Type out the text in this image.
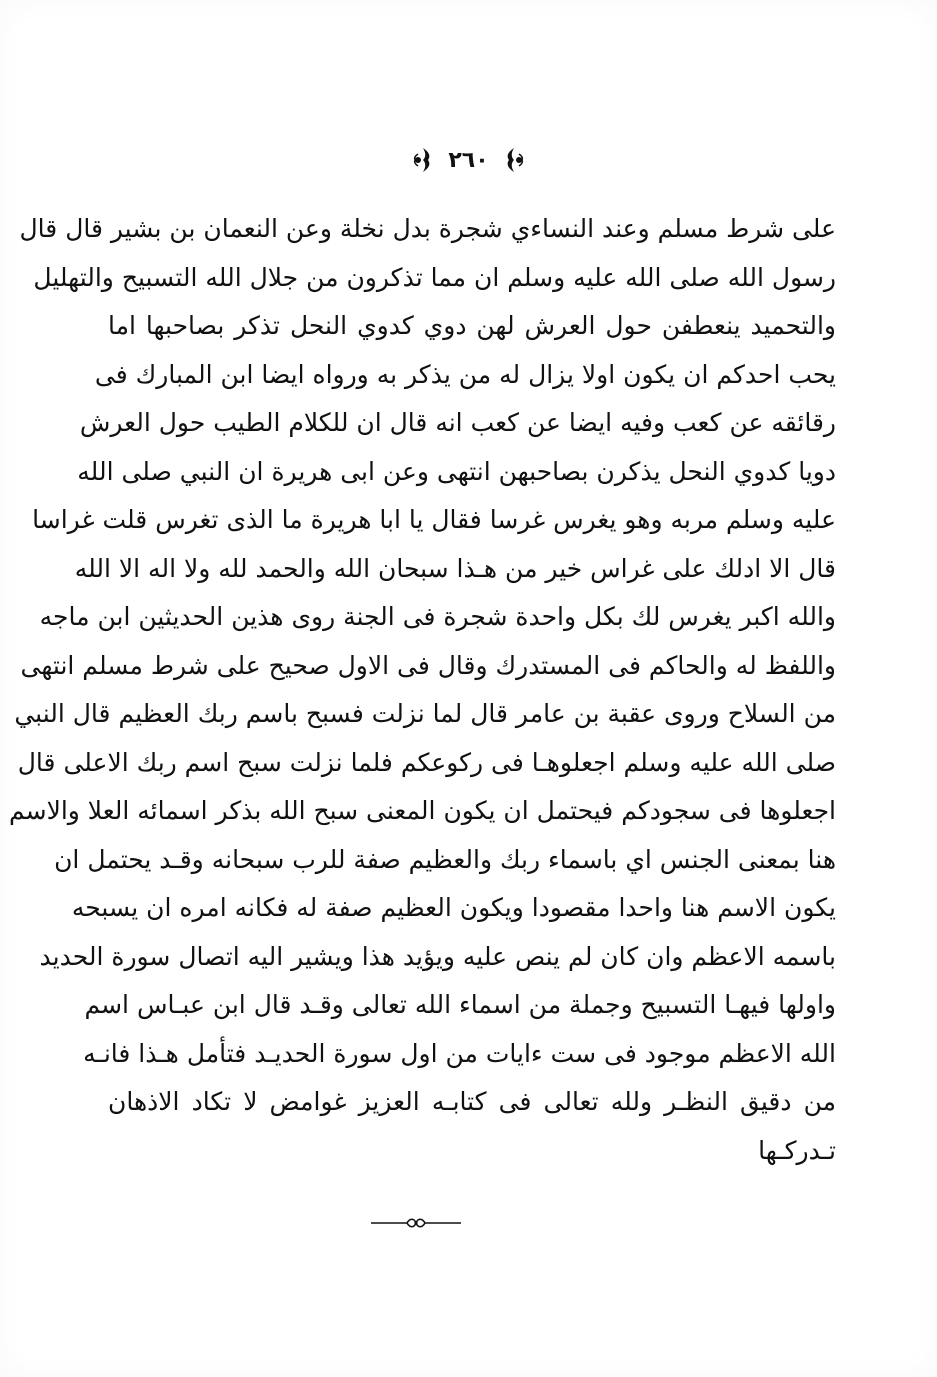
٢٦٠
على شرط مسلم وعند النساءي شجرة بدل نخلة وعن النعمان بن بشير قال قال
رسول الله صلى الله عليه وسلم ان مما تذكرون من جلال الله التسبيح والتهليل
والتحميد ينعطفن حول العرش لهن دوي كدوي النحل تذكر بصاحبها اما
يحب احدكم ان يكون اولا يزال له من يذكر به ورواه ايضا ابن المبارك فى
رقائقه عن كعب وفيه ايضا عن كعب انه قال ان للكلام الطيب حول العرش
دويا كدوي النحل يذكرن بصاحبهن انتهى وعن ابى هريرة ان النبي صلى الله
عليه وسلم مربه وهو يغرس غرسا فقال يا ابا هريرة ما الذى تغرس قلت غراسا
قال الا ادلك على غراس خير من هـذا سبحان الله والحمد لله ولا اله الا الله
والله اكبر يغرس لك بكل واحدة شجرة فى الجنة روى هذين الحديثين ابن ماجه
واللفظ له والحاكم فى المستدرك وقال فى الاول صحيح على شرط مسلم انتهى
من السلاح وروى عقبة بن عامر قال لما نزلت فسبح باسم ربك العظيم قال النبي
صلى الله عليه وسلم اجعلوهـا فى ركوعكم فلما نزلت سبح اسم ربك الاعلى قال
اجعلوها فى سجودكم فيحتمل ان يكون المعنى سبح الله بذكر اسمائه العلا والاسم
هنا بمعنى الجنس اي باسماء ربك والعظيم صفة للرب سبحانه وقـد يحتمل ان
يكون الاسم هنا واحدا مقصودا ويكون العظيم صفة له فكانه امره ان يسبحه
باسمه الاعظم وان كان لم ينص عليه ويؤيد هذا ويشير اليه اتصال سورة الحديد
واولها فيهـا التسبيح وجملة من اسماء الله تعالى وقـد قال ابن عبـاس اسم
الله الاعظم موجود فى ست ءايات من اول سورة الحديـد فتأمل هـذا فانـه
من دقيق النظـر ولله تعالى فى كتابـه العزيز غوامض لا تكاد الاذهان
تـدركـها
